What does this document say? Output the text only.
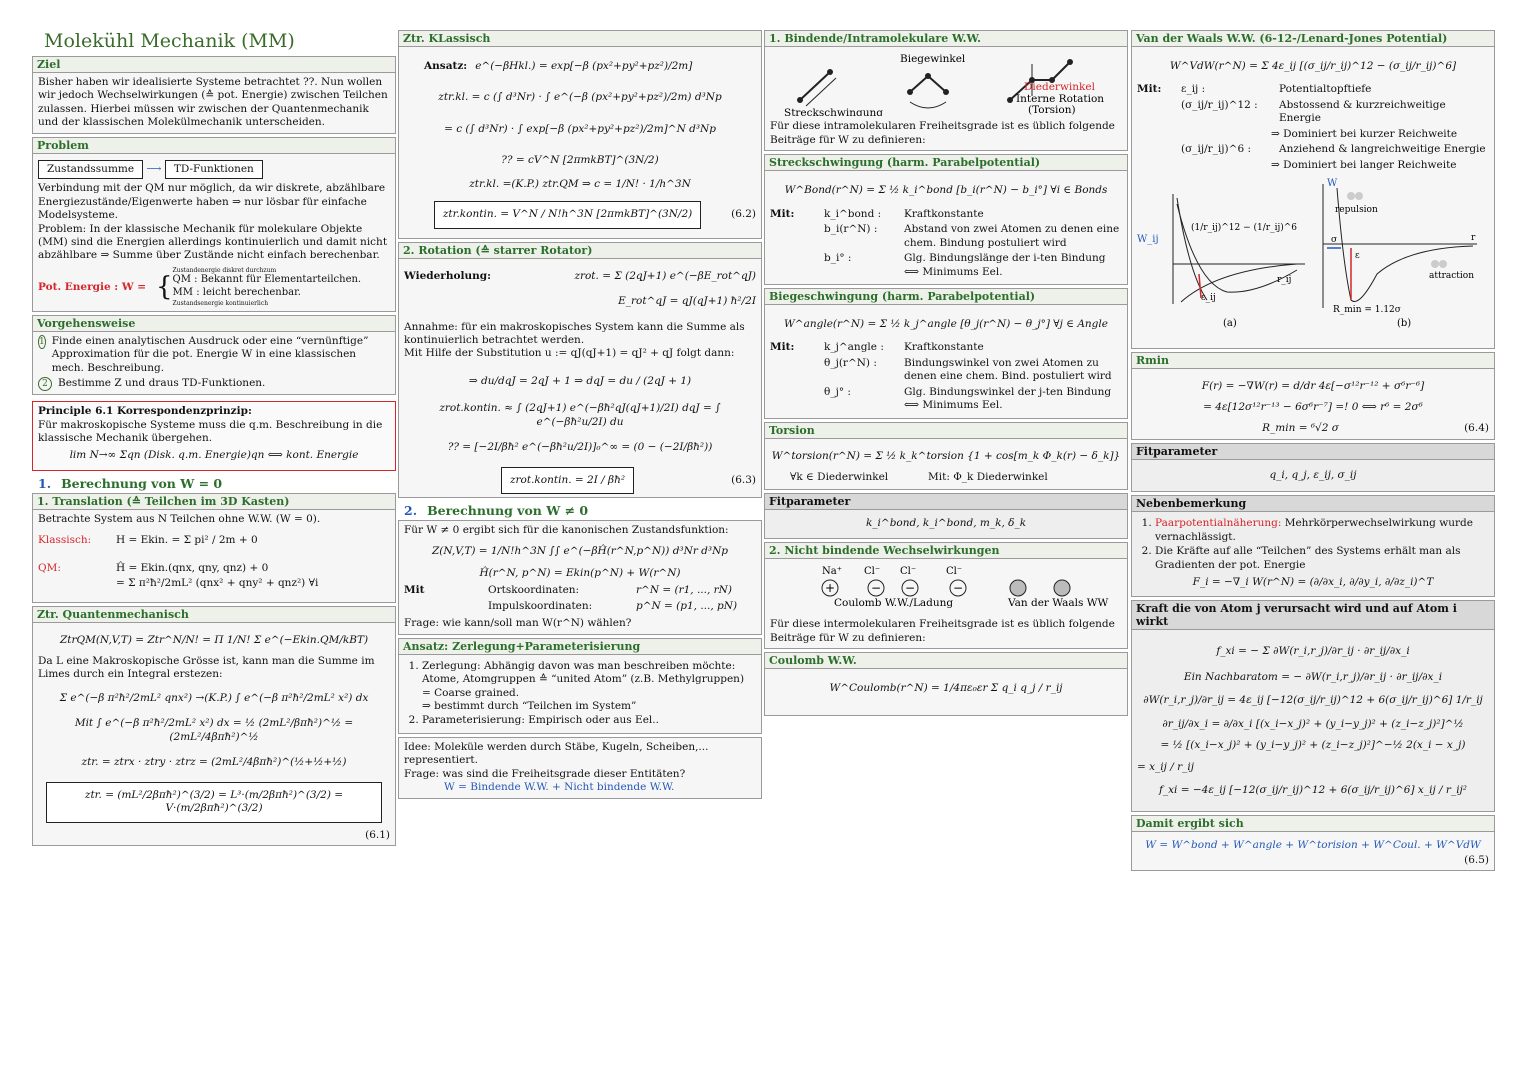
Molekühl Mechanik (MM)
Ziel
Bisher haben wir idealisierte Systeme betrachtet ??. Nun wollen wir jedoch Wechselwirkungen (≙ pot. Energie) zwischen Teilchen zulassen. Hierbei müssen wir zwischen der Quantenmechanik und der klassischen Molekülmechanik unterscheiden.
Problem
Zustandssumme ⟶ TD-Funktionen
Verbindung mit der QM nur möglich, da wir diskrete, abzählbare Energiezustände/Eigenwerte haben ⇒ nur lösbar für einfache Modelsysteme.
Problem: In der klassische Mechanik für molekulare Objekte (MM) sind die Energien allerdings kontinuierlich und damit nicht abzählbare ⇒ Summe über Zustände nicht einfach berechenbar.
Pot. Energie : W = {
Zustandenergie diskret durchzum
QM : Bekannt für Elementarteilchen.
MM : leicht berechenbar.
Zustandsenergie kontinuierlich
Vorgehensweise
1 Finde einen analytischen Ausdruck oder eine “vernünftige” Approximation für die pot. Energie W in eine klassischen mech. Beschreibung.
2 Bestimme Z und draus TD-Funktionen.
Principle 6.1 Korrespondenzprinzip:
Für makroskopische Systeme muss die q.m. Beschreibung in die klassische Mechanik übergehen.
lim N→∞ Σqn (Disk. q.m. Energie)qn ⟺ kont. Energie
1. Berechnung von W = 0
1. Translation (≙ Teilchen im 3D Kasten)
Betrachte System aus N Teilchen ohne W.W. (W = 0).
Klassisch:	H = Ekin. = Σ pi² / 2m + 0
QM:	Ĥ = Ekin.(qnx, qny, qnz) + 0
= Σ π²ħ²/2mL² (qnx² + qny² + qnz²) ∀i
Ztr. Quantenmechanisch
ZtrQM(N,V,T) = Ztr^N/N! = Π 1/N! Σ e^(−Ekin.QM/kBT)
Da L eine Makroskopische Grösse ist, kann man die Summe im Limes durch ein Integral erstezen:
Σ e^(−β π²ħ²/2mL² qnx²) →(K.P.) ∫ e^(−β π²ħ²/2mL² x²) dx
Mit ∫ e^(−β π²ħ²/2mL² x²) dx = ½ (2mL²/βπħ²)^½ = (2mL²/4βπħ²)^½
ztr. = ztrx · ztry · ztrz = (2mL²/4βπħ²)^(½+½+½)
ztr. = (mL²/2βπħ²)^(3/2) = L³·(m/2βπħ²)^(3/2) = V·(m/2βπħ²)^(3/2)
(6.1)
Ztr. KLassisch
Ansatz: e^(−βHkl.) = exp[−β (px²+py²+pz²)/2m]
ztr.kl. = c (∫ d³Nr) · ∫ e^(−β (px²+py²+pz²)/2m) d³Np
= c (∫ d³Nr) · ∫ exp[−β (px²+py²+pz²)/2m]^N d³Np
?? = cV^N [2πmkBT]^(3N/2)
ztr.kl. =(K.P.) ztr.QM ⇒ c = 1/N! · 1/h^3N
ztr.kontin. = V^N / N!h^3N [2πmkBT]^(3N/2)	(6.2)
2. Rotation (≙ starrer Rotator)
Wiederholung:	zrot. = Σ (2qJ+1) e^(−βE_rot^qJ)
E_rot^qJ = qJ(qJ+1) ħ²/2I
Annahme: für ein makroskopisches System kann die Summe als kontinuierlich betrachtet werden.
Mit Hilfe der Substitution u := qJ(qJ+1) = qJ² + qJ folgt dann:
⇒ du/dqJ = 2qJ + 1 ⇒ dqJ = du / (2qJ + 1)
zrot.kontin. ≈ ∫ (2qJ+1) e^(−βħ²qJ(qJ+1)/2I) dqJ = ∫ e^(−βħ²u/2I) du
?? = [−2I/βħ² e^(−βħ²u/2I)]₀^∞ = (0 − (−2I/βħ²))
zrot.kontin. = 2I / βħ²	(6.3)
2. Berechnung von W ≠ 0
Für W ≠ 0 ergibt sich für die kanonischen Zustandsfunktion:
Z(N,V,T) = 1/N!h^3N ∫∫ e^(−βĤ(r^N,p^N)) d³Nr d³Np
Ĥ(r^N, p^N) = Ekin(p^N) + W(r^N)
Mit	Ortskoordinaten:	r^N = (r1, ..., rN)
Impulskoordinaten:	p^N = (p1, ..., pN)
Frage: wie kann/soll man W(r^N) wählen?
Ansatz: Zerlegung+Parameterisierung
1. Zerlegung: Abhängig davon was man beschreiben möchte: Atome, Atomgruppen ≙ “united Atom” (z.B. Methylgruppen) = Coarse grained.
⇒ bestimmt durch “Teilchen im System”
2. Parameterisierung: Empirisch oder aus Eel..
Idee: Moleküle werden durch Stäbe, Kugeln, Scheiben,... representiert.
Frage: was sind die Freiheitsgrade dieser Entitäten?
W = Bindende W.W. + Nicht bindende W.W.
1. Bindende/Intramolekulare W.W.
Biegewinkel
Streckschwingung
Diederwinkel
Interne Rotation
(Torsion)
Für diese intramolekularen Freiheitsgrade ist es üblich folgende Beiträge für W zu definieren:
Streckschwingung (harm. Parabelpotential)
W^Bond(r^N) = Σ ½ k_i^bond [b_i(r^N) − b_i°] ∀i ∈ Bonds
Mit:	k_i^bond :	Kraftkonstante
b_i(r^N) :	Abstand von zwei Atomen zu denen eine chem. Bindung postuliert wird
b_i° :	Glg. Bindungslänge der i-ten Bindung ⟺ Minimums Eel.
Biegeschwingung (harm. Parabelpotential)
W^angle(r^N) = Σ ½ k_j^angle [θ_j(r^N) − θ_j°] ∀j ∈ Angle
Mit:	k_j^angle :	Kraftkonstante
θ_j(r^N) :	Bindungswinkel von zwei Atomen zu denen eine chem. Bind. postuliert wird
θ_j° :	Glg. Bindungswinkel der j-ten Bindung ⟺ Minimums Eel.
Torsion
W^torsion(r^N) = Σ ½ k_k^torsion {1 + cos[m_k Φ_k(r) − δ_k]}
∀k ∈ Diederwinkel	Mit: Φ_k Diederwinkel
Fitparameter
k_i^bond, k_i^bond, m_k, δ_k
2. Nicht bindende Wechselwirkungen
Na⁺
+
Cl⁻
−
Cl⁻
−
Cl⁻
−
Coulomb W.W./Ladung	Van der Waals WW
Für diese intermolekularen Freiheitsgrade ist es üblich folgende Beiträge für W zu definieren:
Coulomb W.W.
W^Coulomb(r^N) = 1/4πε₀εr Σ q_i q_j / r_ij
Van der Waals W.W. (6-12-/Lenard-Jones Potential)
W^VdW(r^N) = Σ 4ε_ij [(σ_ij/r_ij)^12 − (σ_ij/r_ij)^6]
Mit:	ε_ij :	Potentialtopftiefe
(σ_ij/r_ij)^12 :	Abstossend & kurzreichweitige Energie
⇒ Dominiert bei kurzer Reichweite
(σ_ij/r_ij)^6 :	Anziehend & langreichweitige Energie
⇒ Dominiert bei langer Reichweite
W_ij
r_ij
ε_ij
(1/r_ij)^12 − (1/r_ij)^6
(a)
W
r
repulsion
attraction
σ
ε
R_min = 1.12σ
(b)
Rmin
F(r) = −∇W(r) = d/dr 4ε[−σ¹²r⁻¹² + σ⁶r⁻⁶]
= 4ε[12σ¹²r⁻¹³ − 6σ⁶r⁻⁷] =! 0 ⟺ r⁶ = 2σ⁶
R_min = ⁶√2 σ	(6.4)
Fitparameter
q_i, q_j, ε_ij, σ_ij
Nebenbemerkung
1. Paarpotentialnäherung: Mehrkörperwechselwirkung wurde vernachlässigt.
2. Die Kräfte auf alle “Teilchen” des Systems erhält man als Gradienten der pot. Energie
F_i = −∇_i W(r^N) = (∂/∂x_i, ∂/∂y_i, ∂/∂z_i)^T
Kraft die von Atom j verursacht wird und auf Atom i wirkt
f_xi = − Σ ∂W(r_i,r_j)/∂r_ij · ∂r_ij/∂x_i
Ein Nachbaratom = − ∂W(r_i,r_j)/∂r_ij · ∂r_ij/∂x_i
∂W(r_i,r_j)/∂r_ij = 4ε_ij [−12(σ_ij/r_ij)^12 + 6(σ_ij/r_ij)^6] 1/r_ij
∂r_ij/∂x_i = ∂/∂x_i [(x_i−x_j)² + (y_i−y_j)² + (z_i−z_j)²]^½
= ½ [(x_i−x_j)² + (y_i−y_j)² + (z_i−z_j)²]^−½ 2(x_i − x_j)
= x_ij / r_ij
f_xi = −4ε_ij [−12(σ_ij/r_ij)^12 + 6(σ_ij/r_ij)^6] x_ij / r_ij²
Damit ergibt sich
W = W^bond + W^angle + W^torision + W^Coul. + W^VdW
(6.5)
